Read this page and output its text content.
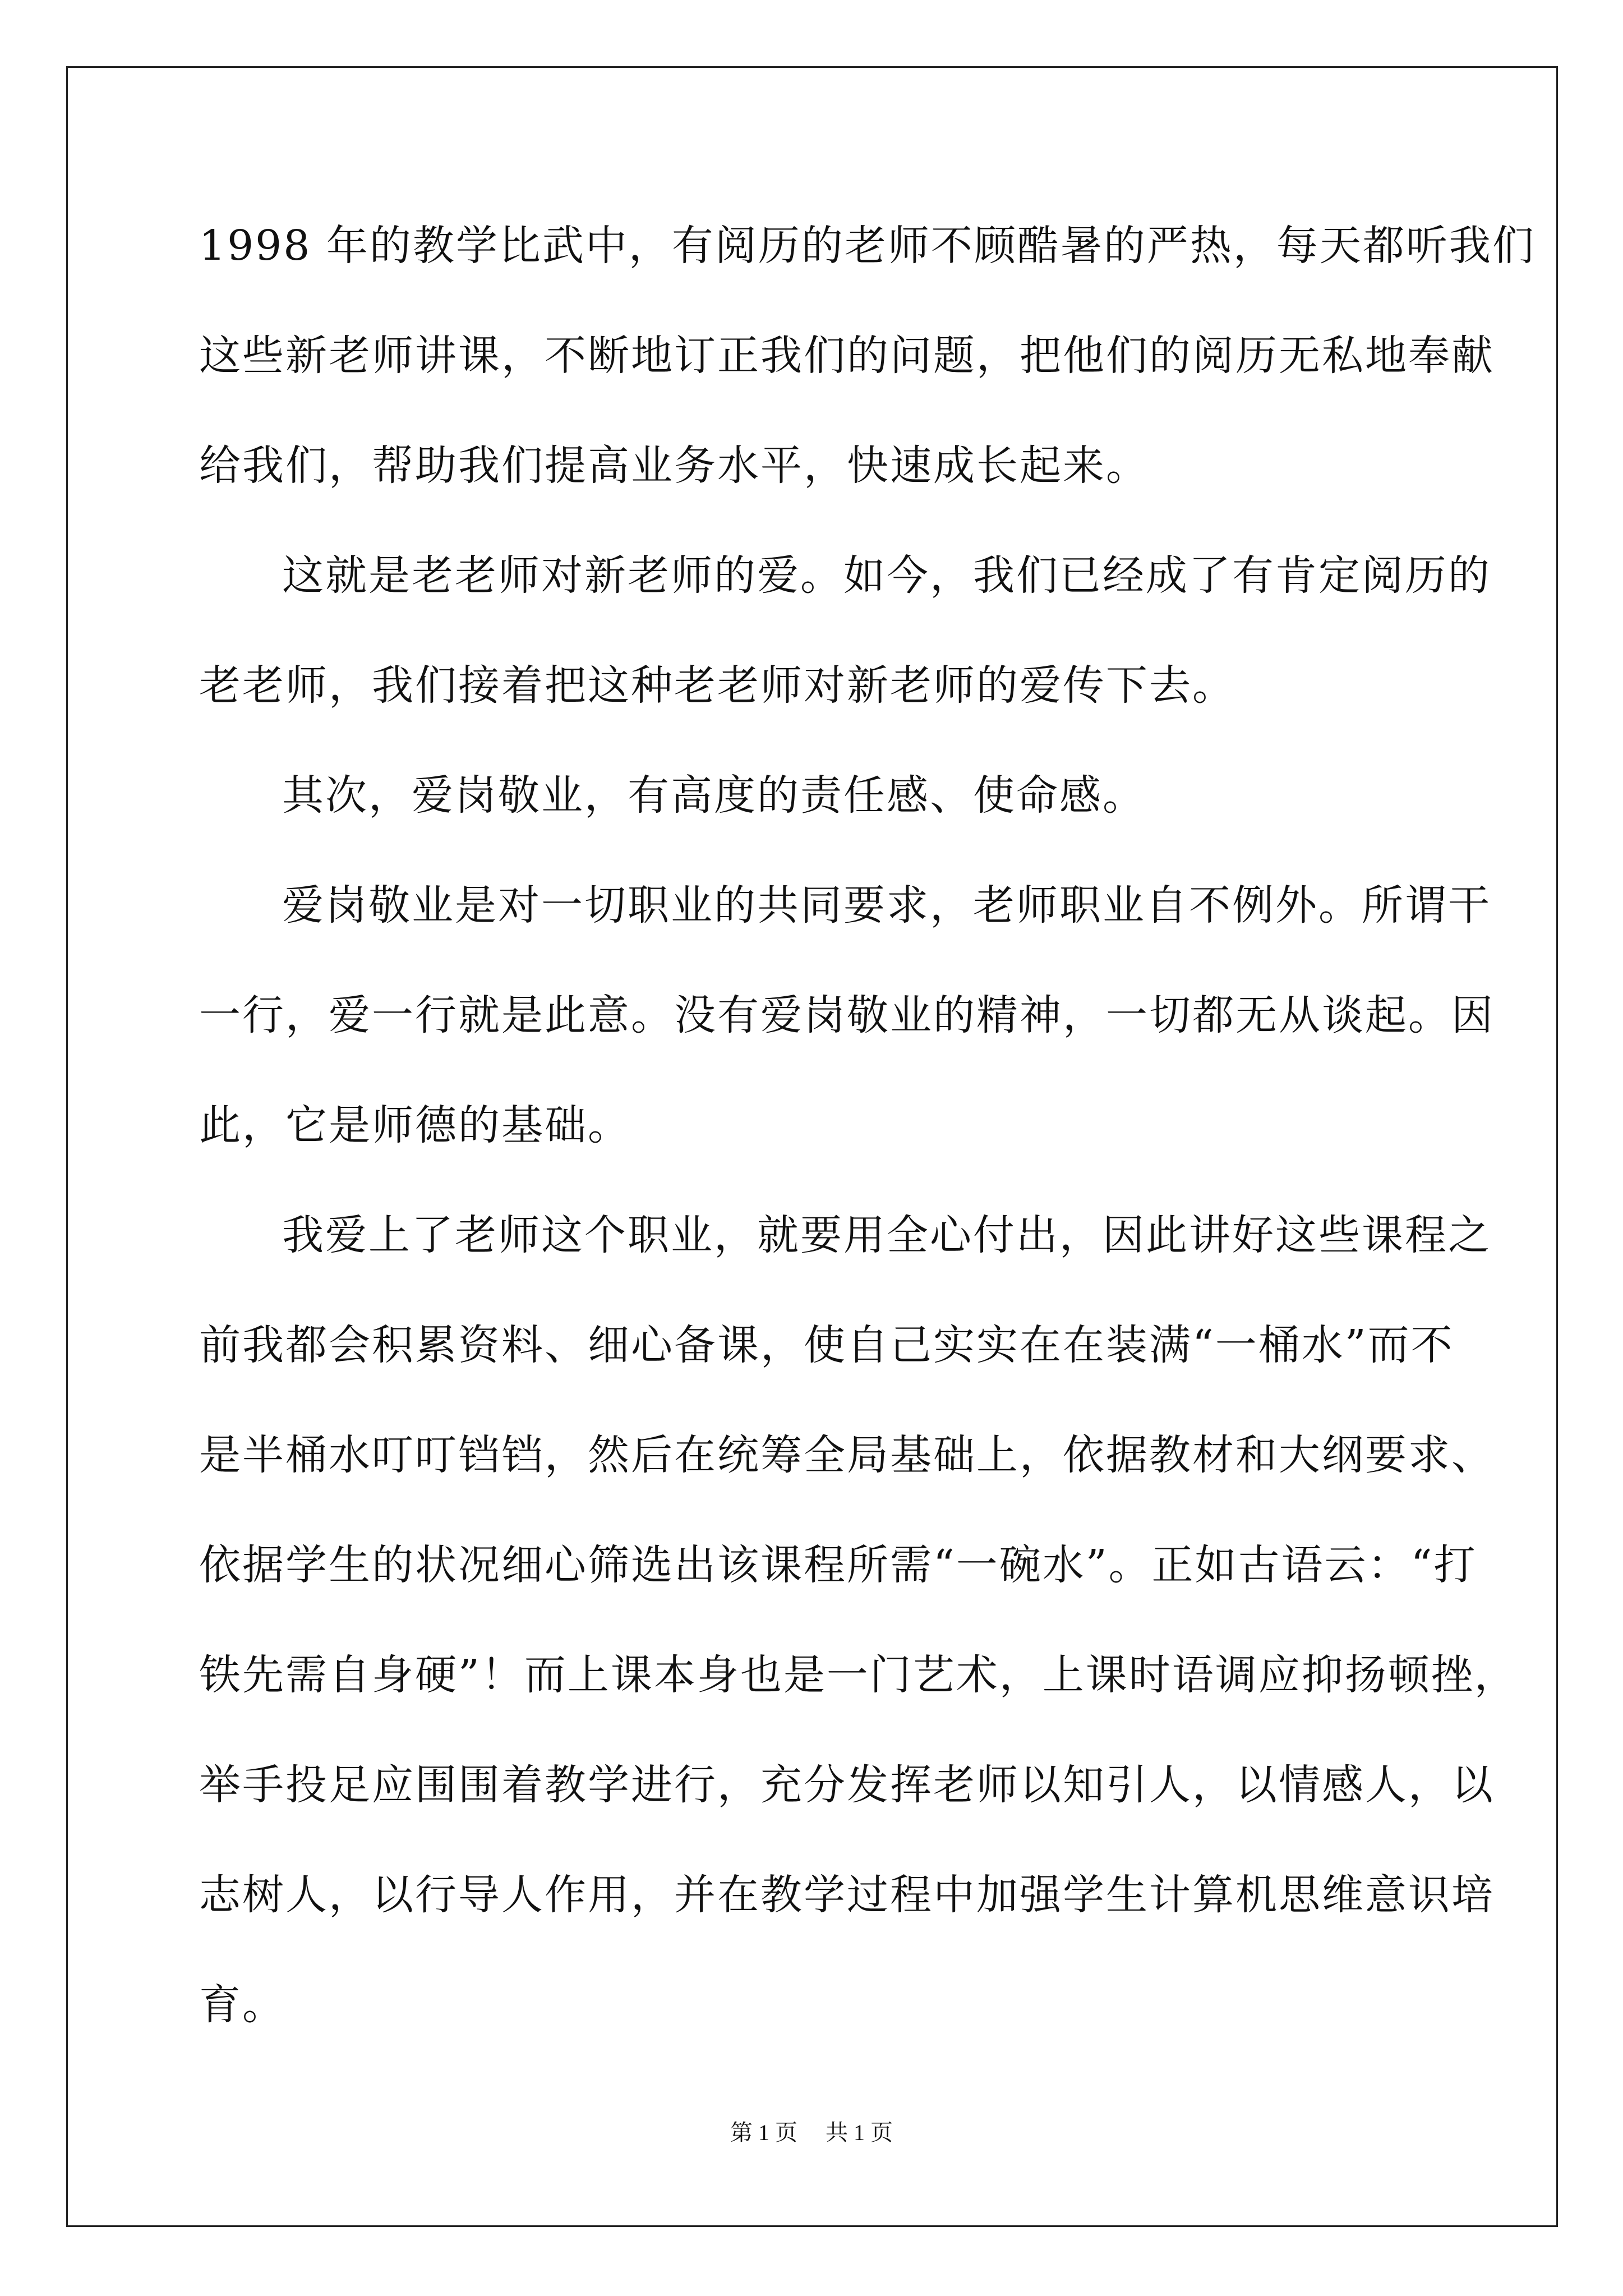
1998 年的教学比武中，有阅历的老师不顾酷暑的严热，每天都听我们
这些新老师讲课，不断地订正我们的问题，把他们的阅历无私地奉献
给我们，帮助我们提高业务水平，快速成长起来。
这就是老老师对新老师的爱。如今，我们已经成了有肯定阅历的
老老师，我们接着把这种老老师对新老师的爱传下去。
其次，爱岗敬业，有高度的责任感、使命感。
爱岗敬业是对一切职业的共同要求，老师职业自不例外。所谓干
一行，爱一行就是此意。没有爱岗敬业的精神，一切都无从谈起。因
此，它是师德的基础。
我爱上了老师这个职业，就要用全心付出，因此讲好这些课程之
前我都会积累资料、细心备课，使自己实实在在装满“一桶水”而不
是半桶水叮叮铛铛，然后在统筹全局基础上，依据教材和大纲要求、
依据学生的状况细心筛选出该课程所需“一碗水”。正如古语云：“打
铁先需自身硬”！而上课本身也是一门艺术，上课时语调应抑扬顿挫，
举手投足应围围着教学进行，充分发挥老师以知引人，以情感人，以
志树人，以行导人作用，并在教学过程中加强学生计算机思维意识培
育。
第 1 页 共 1 页
